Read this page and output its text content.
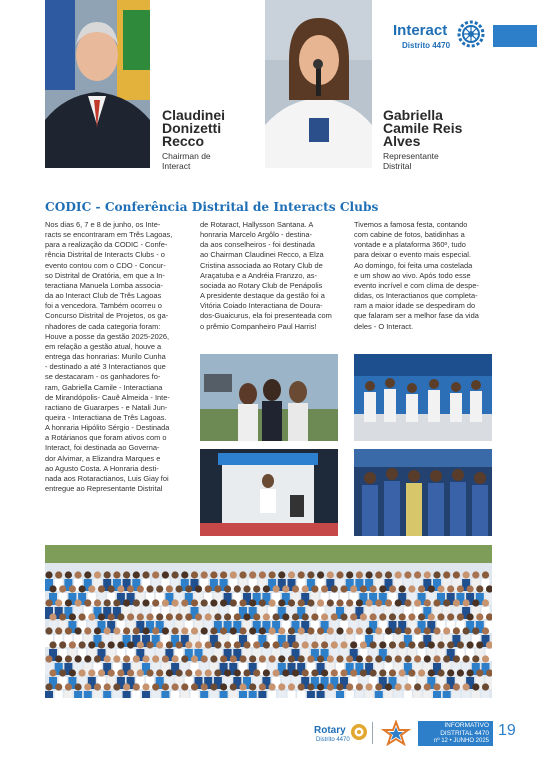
Claudinei
Donizetti
Recco
Chairman de
Interact
Gabriella
Camile Reis
Alves
Representante
Distrital
Interact
Distrito 4470
CODIC - Conferência Distrital de Interacts Clubs
Nos dias 6, 7 e 8 de junho, os Inte-
racts se encontraram em Três Lagoas,
para a realização da CODIC - Confe-
rência Distrital de Interacts Clubs - o
evento contou com o CDO - Concur-
so Distrital de Oratória, em que a In-
teractiana Manuela Lomba associa-
da ao Interact Club de Três Lagoas
foi a vencedora. Também ocorreu o
Concurso Distrital de Projetos, os ga-
nhadores de cada categoria foram:
Houve a posse da gestão 2025-2026,
em relação a gestão atual, houve a
entrega das honrarias: Murilo Cunha
- destinado a até 3 Interactianos que
se destacaram - os ganhadores fo-
ram, Gabriella Camile - Interactiana
de Mirandópolis- Cauê Almeida - Inte-
ractiano de Guararpes - e Natali Jun-
queira - Interactiana de Três Lagoas.
A honraria Hipólito Sérgio - Destinada
a Rotárianos que foram ativos com o
Interact, foi destinada ao Governa-
dor Alvimar, a Elizandra Marques e
ao Agusto Costa. A Honraria desti-
nada aos Rotaractianos, Luis Giay foi
entregue ao Representante Distrital
de Rotaract, Hallysson Santana. A
honraria Marcelo Argôlo - destina-
da aos conselheiros - foi destinada
ao Chairman Claudinei Recco, a Elza
Cristina associada ao Rotary Club de
Araçatuba e a Andréia Franzzo, as-
sociada ao Rotary Club de Penápolis
A presidente destaque da gestão foi a
Vitória Coiado Interactiana de Doura-
dos-Guaicurus, ela foi presenteada com
o prêmio Companheiro Paul Harris!
Tivemos a famosa festa, contando
com cabine de fotos, batidinhas a
vontade e a plataforma 360º, tudo
para deixar o evento mais especial.
Ao domingo, foi feita uma costelada
e um show ao vivo. Após todo esse
evento incrível e com clima de despe-
didas, os Interactianos que completa-
ram a maior idade se despediram do
que falaram ser a melhor fase da vida
deles - O Interact.
Rotary
Distrito 4470
INFORMATIVO
DISTRITAL 4470
nº 12 • JUNHO 2025
19
